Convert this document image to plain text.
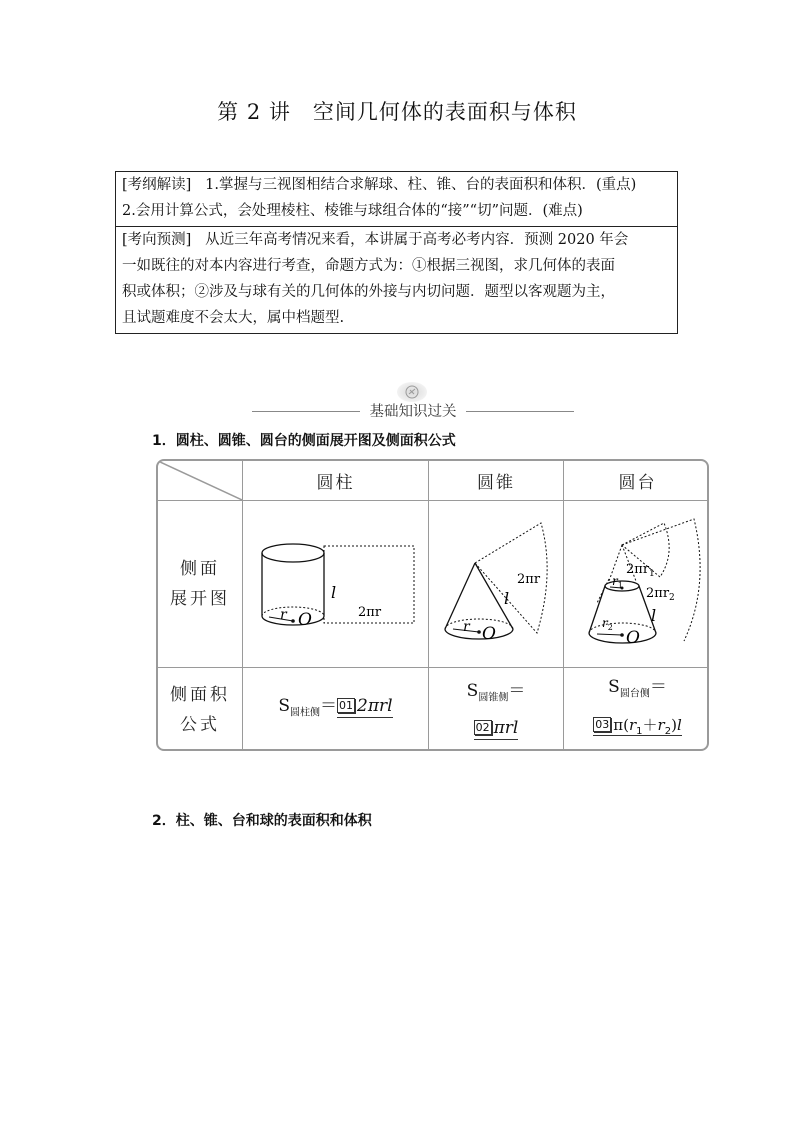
第 2 讲 空间几何体的表面积与体积
[考纲解读] 1.掌握与三视图相结合求解球、柱、锥、台的表面积和体积．(重点)
2.会用计算公式，会处理棱柱、棱锥与球组合体的“接”“切”问题．(难点)
[考向预测] 从近三年高考情况来看，本讲属于高考必考内容．预测 2020 年会
一如既往的对本内容进行考查，命题方式为：①根据三视图，求几何体的表面
积或体积；②涉及与球有关的几何体的外接与内切问题．题型以客观题为主，
且试题难度不会太大，属中档题型.
基础知识过关
1．圆柱、圆锥、圆台的侧面展开图及侧面积公式
圆柱	圆锥	圆台
侧面
展开图
侧面积
公式
l
2πr
r O
l
2πr
r O
$2\pi r_1$
$2\pi r_2$
$r_1$
$r_2$
l
O
$S_{圆柱侧}= 01$ 2πrl
$S_{圆锥侧}=$
02 πrl
$S_{圆台侧}=$
03 $\pi(r_1+r_2)l$
2．柱、锥、台和球的表面积和体积
